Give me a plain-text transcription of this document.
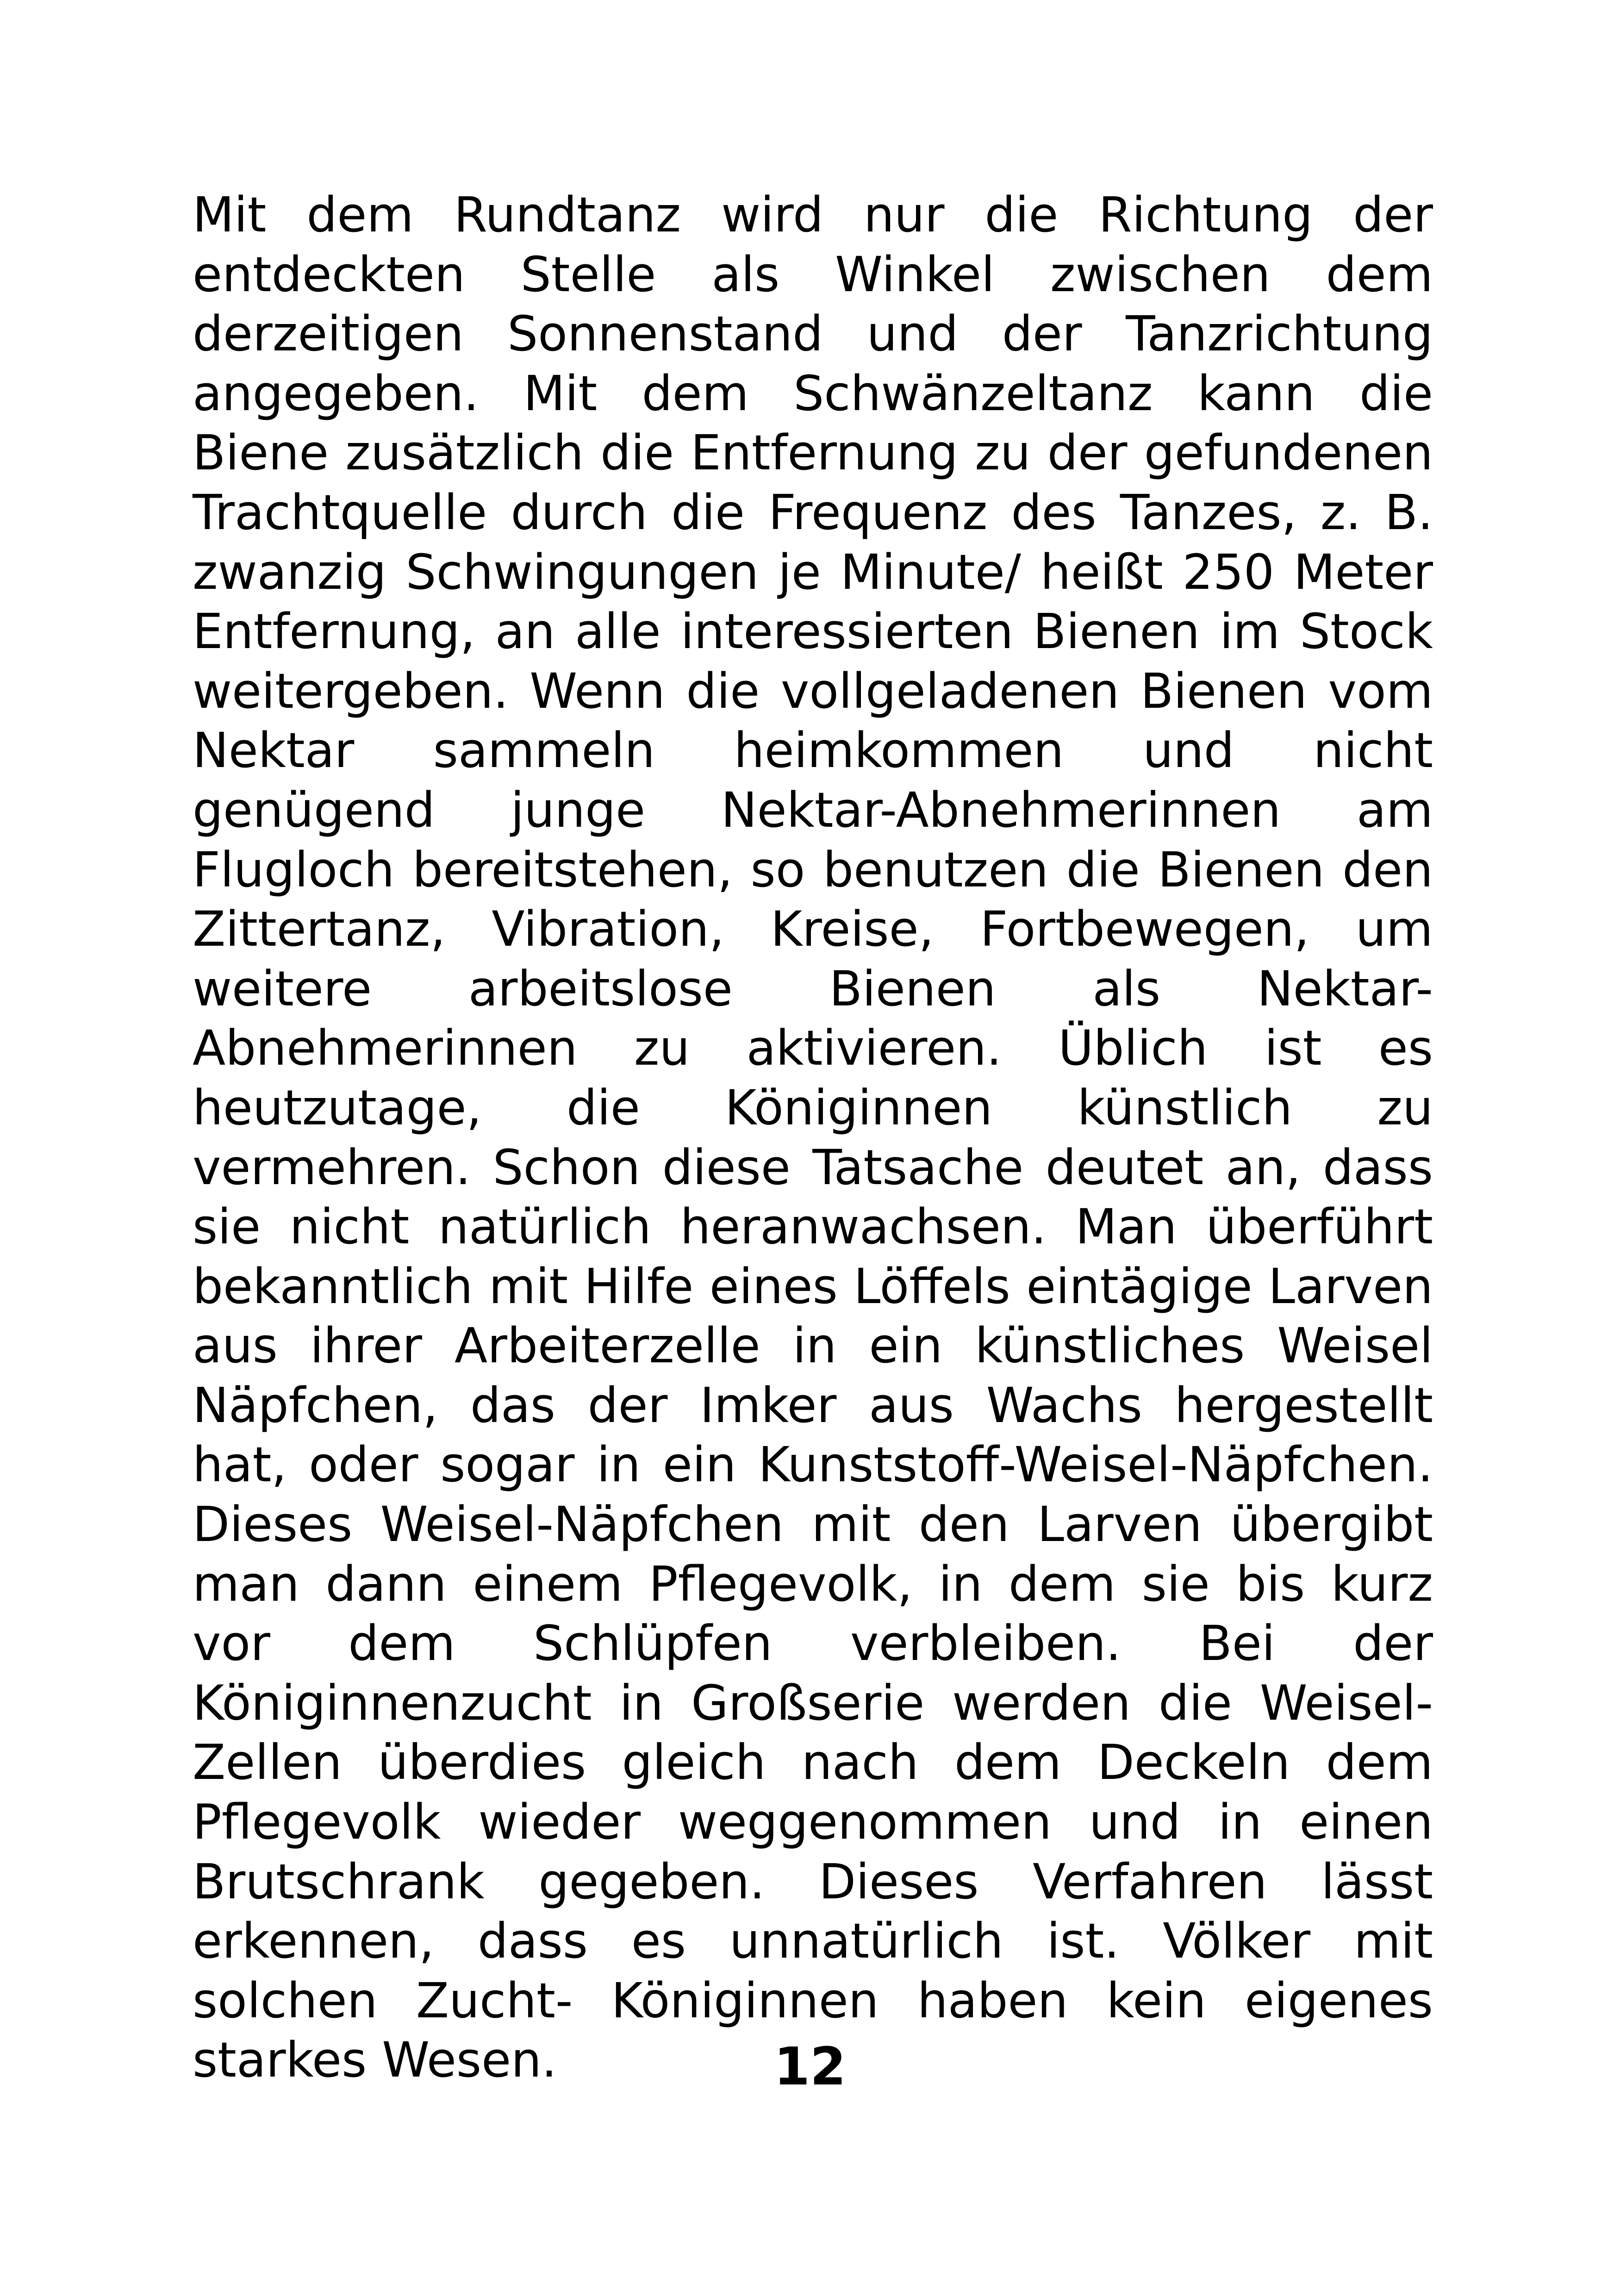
Mit dem Rundtanz wird nur die Richtung der entdeckten Stelle als Winkel zwischen dem derzeitigen Sonnenstand und der Tanzrichtung angegeben. Mit dem Schwänzeltanz kann die Biene zusätzlich die Entfernung zu der gefundenen Trachtquelle durch die Frequenz des Tanzes, z. B. zwanzig Schwingungen je Minute/ heißt 250 Meter Entfernung, an alle interessierten Bienen im Stock weitergeben. Wenn die vollgeladenen Bienen vom Nektar sammeln heimkommen und nicht genügend junge Nektar-Abnehmerinnen am Flugloch bereitstehen, so benutzen die Bienen den Zittertanz, Vibration, Kreise, Fortbewegen, um weitere arbeitslose Bienen als Nektar-Abnehmerinnen zu aktivieren. Üblich ist es heutzutage, die Königinnen künstlich zu vermehren. Schon diese Tatsache deutet an, dass sie nicht natürlich heranwachsen. Man überführt bekanntlich mit Hilfe eines Löffels eintägige Larven aus ihrer Arbeiterzelle in ein künstliches Weisel Näpfchen, das der Imker aus Wachs hergestellt hat, oder sogar in ein Kunststoff-Weisel-Näpfchen. Dieses Weisel-Näpfchen mit den Larven übergibt man dann einem Pflegevolk, in dem sie bis kurz vor dem Schlüpfen verbleiben. Bei der Königinnenzucht in Großserie werden die Weisel-Zellen überdies gleich nach dem Deckeln dem Pflegevolk wieder weggenommen und in einen Brutschrank gegeben. Dieses Verfahren lässt erkennen, dass es unnatürlich ist. Völker mit solchen Zucht- Königinnen haben kein eigenes starkes Wesen.	12
